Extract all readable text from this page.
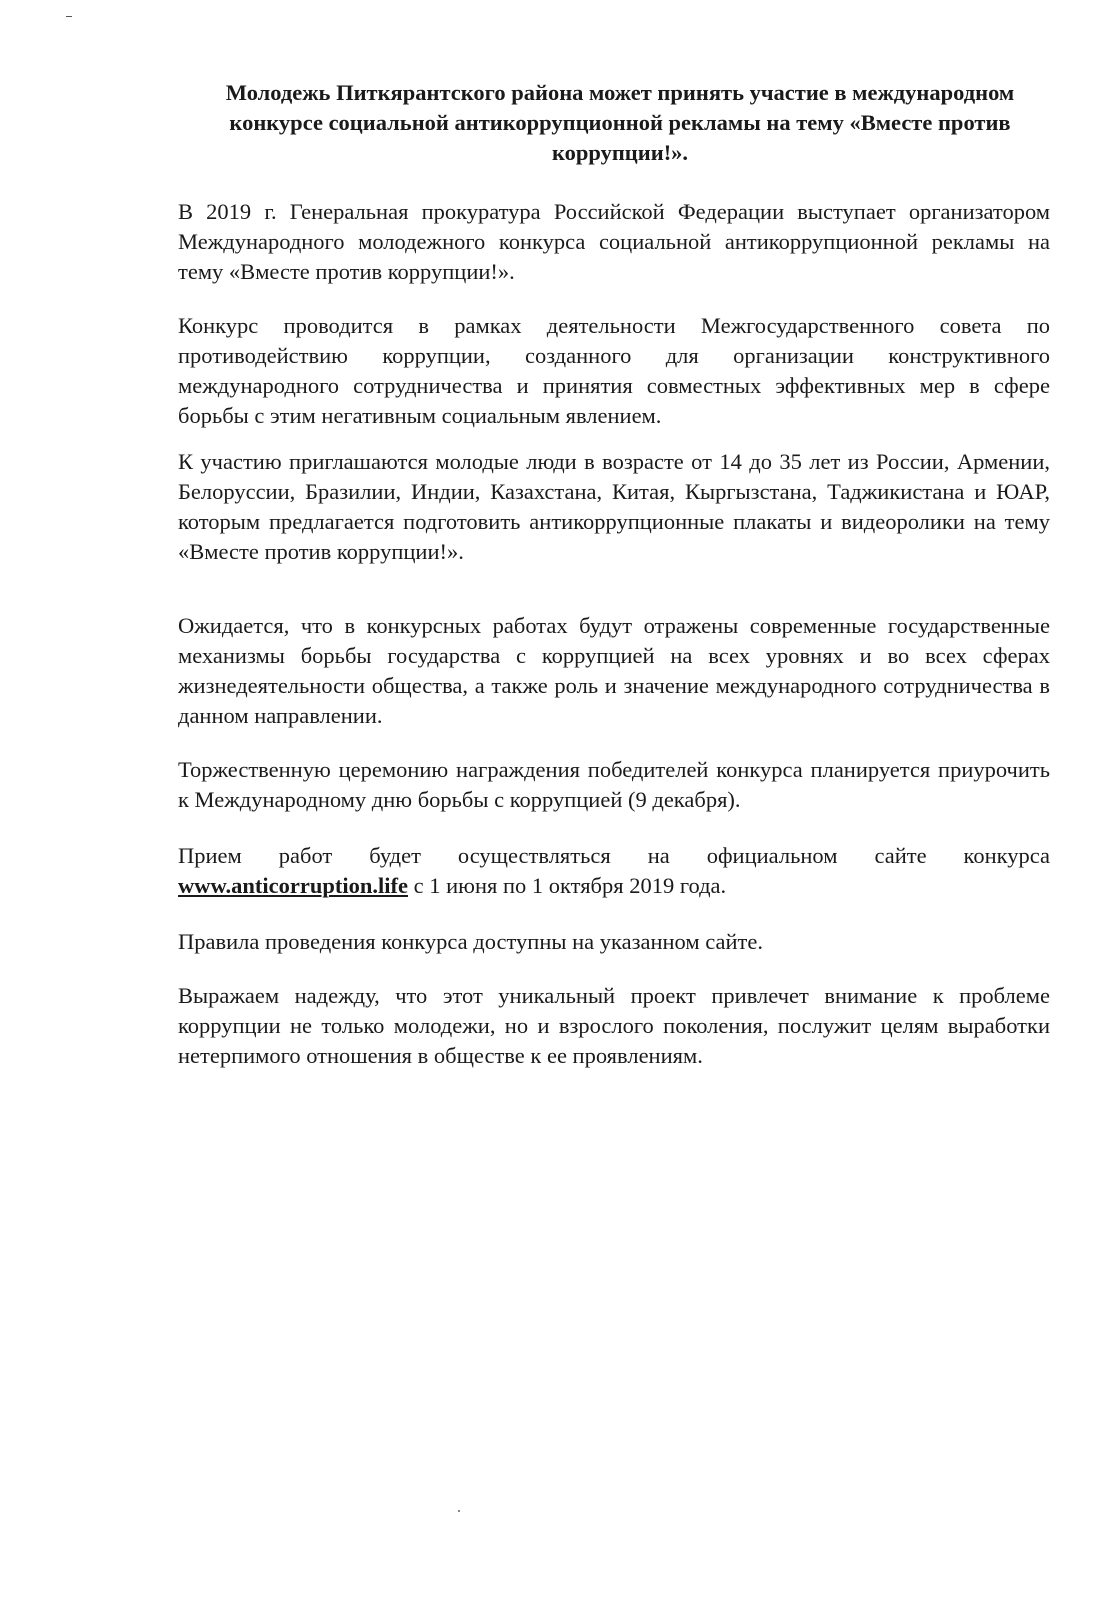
Молодежь Питкярантского района может принять участие в международном конкурсе социальной антикоррупционной рекламы на тему «Вместе против коррупции!».

В 2019 г. Генеральная прокуратура Российской Федерации выступает организатором Международного молодежного конкурса социальной антикоррупционной рекламы на тему «Вместе против коррупции!».

Конкурс проводится в рамках деятельности Межгосударственного совета по противодействию коррупции, созданного для организации конструктивного международного сотрудничества и принятия совместных эффективных мер в сфере борьбы с этим негативным социальным явлением.

К участию приглашаются молодые люди в возрасте от 14 до 35 лет из России, Армении, Белоруссии, Бразилии, Индии, Казахстана, Китая, Кыргызстана, Таджикистана и ЮАР, которым предлагается подготовить антикоррупционные плакаты и видеоролики на тему «Вместе против коррупции!».

Ожидается, что в конкурсных работах будут отражены современные государственные механизмы борьбы государства с коррупцией на всех уровнях и во всех сферах жизнедеятельности общества, а также роль и значение международного сотрудничества в данном направлении.

Торжественную церемонию награждения победителей конкурса планируется приурочить к Международному дню борьбы с коррупцией (9 декабря).

Прием работ будет осуществляться на официальном сайте конкурса www.anticorruption.life с 1 июня по 1 октября 2019 года.

Правила проведения конкурса доступны на указанном сайте.

Выражаем надежду, что этот уникальный проект привлечет внимание к проблеме коррупции не только молодежи, но и взрослого поколения, послужит целям выработки нетерпимого отношения в обществе к ее проявлениям.
